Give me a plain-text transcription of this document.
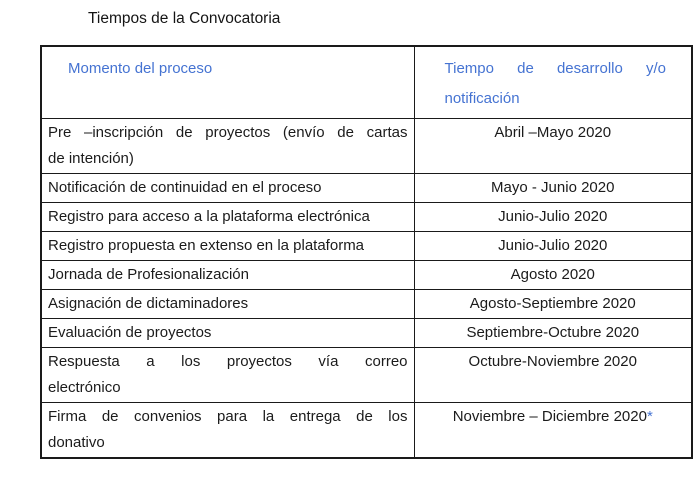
Tiempos de la Convocatoria
Momento del proceso	Tiempo de desarrollo y/o
notificación

Pre –inscripción de proyectos (envío de cartas
de intención)	Abril –Mayo 2020

Notificación de continuidad en el proceso	Mayo - Junio 2020

Registro para acceso a la plataforma electrónica	Junio-Julio 2020

Registro propuesta en extenso en la plataforma	Junio-Julio 2020

Jornada de Profesionalización	Agosto 2020

Asignación de dictaminadores	Agosto-Septiembre 2020

Evaluación de proyectos	Septiembre-Octubre 2020

Respuesta a los proyectos vía correo
electrónico	Octubre-Noviembre 2020

Firma de convenios para la entrega de los
donativo	Noviembre – Diciembre 2020*
